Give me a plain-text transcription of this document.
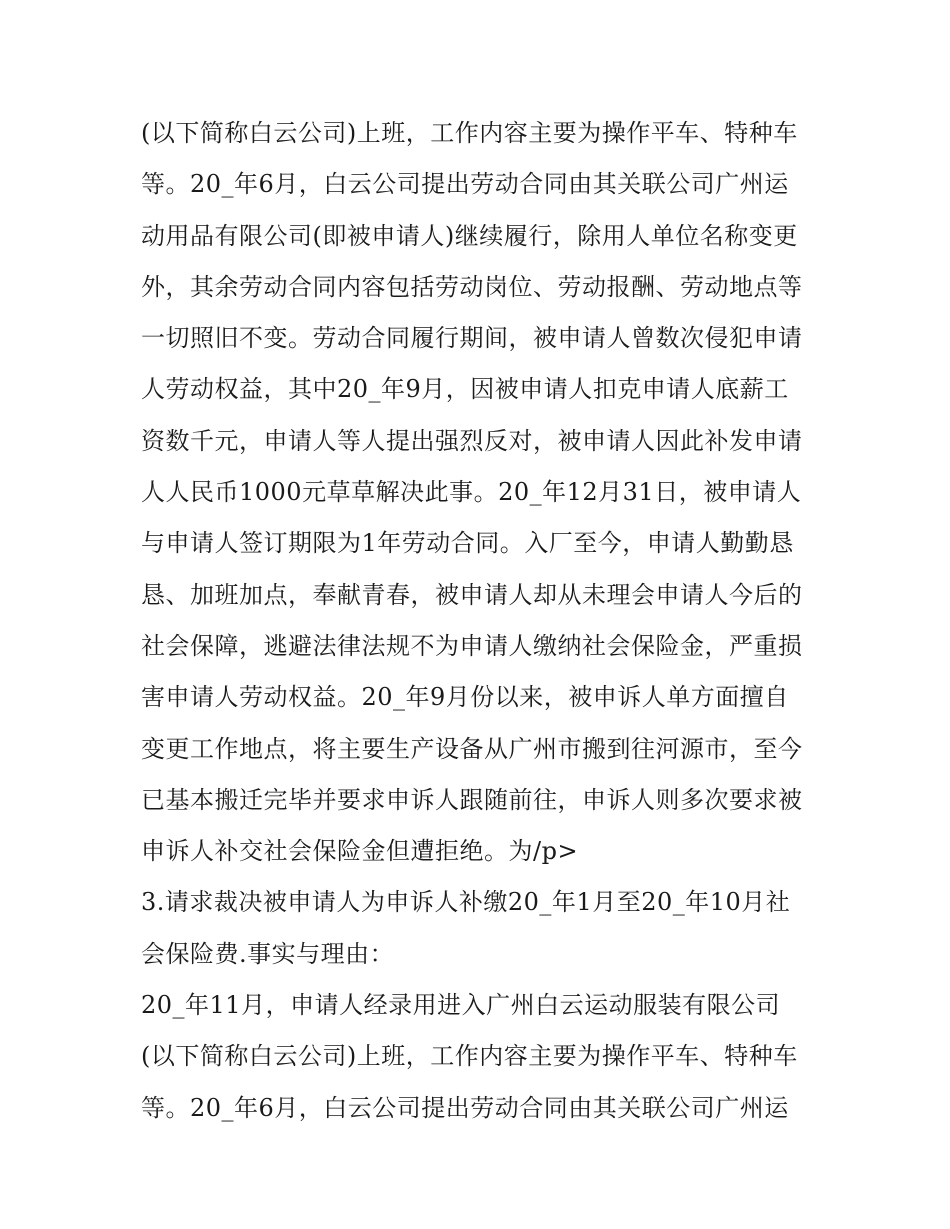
(以下简称白云公司)上班，工作内容主要为操作平车、特种车
等。20_年6月，白云公司提出劳动合同由其关联公司广州运
动用品有限公司(即被申请人)继续履行，除用人单位名称变更
外，其余劳动合同内容包括劳动岗位、劳动报酬、劳动地点等
一切照旧不变。劳动合同履行期间，被申请人曾数次侵犯申请
人劳动权益，其中20_年9月，因被申请人扣克申请人底薪工
资数千元，申请人等人提出强烈反对，被申请人因此补发申请
人人民币1000元草草解决此事。20_年12月31日，被申请人
与申请人签订期限为1年劳动合同。入厂至今，申请人勤勤恳
恳、加班加点，奉献青春，被申请人却从未理会申请人今后的
社会保障，逃避法律法规不为申请人缴纳社会保险金，严重损
害申请人劳动权益。20_年9月份以来，被申诉人单方面擅自
变更工作地点，将主要生产设备从广州市搬到往河源市，至今
已基本搬迁完毕并要求申诉人跟随前往，申诉人则多次要求被
申诉人补交社会保险金但遭拒绝。为/p>
3.请求裁决被申请人为申诉人补缴20_年1月至20_年10月社
会保险费.事实与理由：
20_年11月，申请人经录用进入广州白云运动服装有限公司
(以下简称白云公司)上班，工作内容主要为操作平车、特种车
等。20_年6月，白云公司提出劳动合同由其关联公司广州运
